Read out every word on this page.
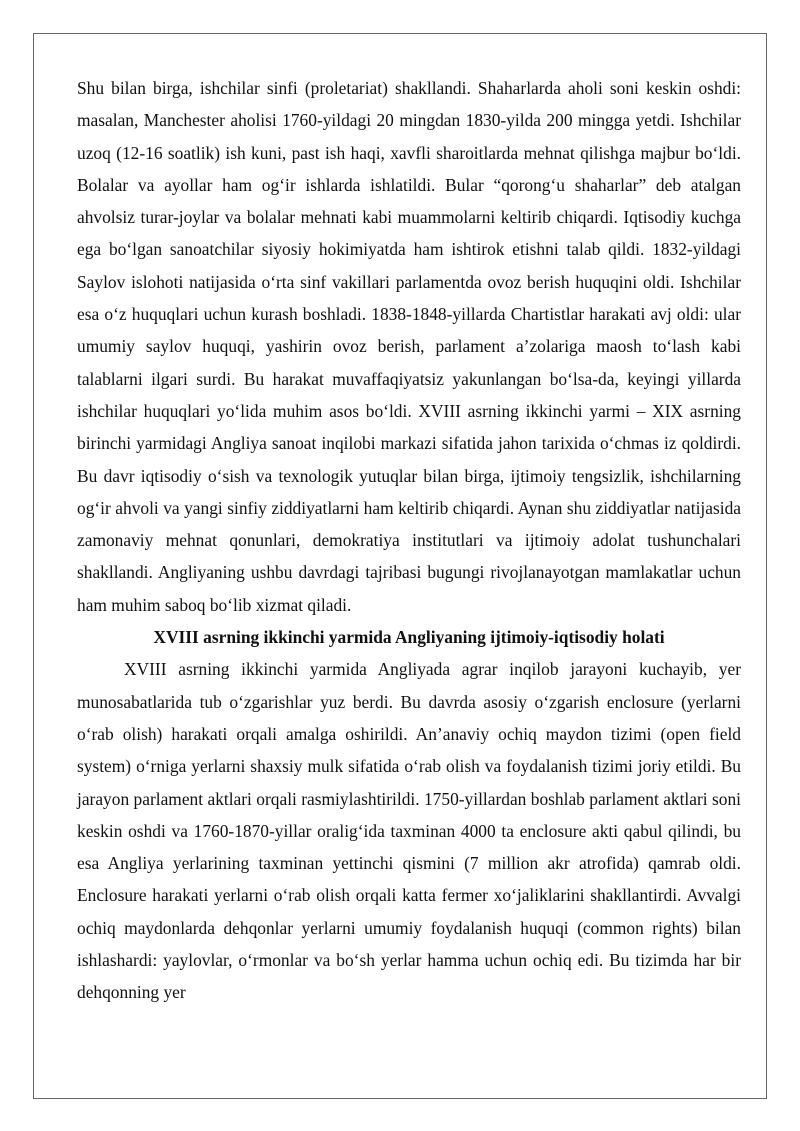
Shu bilan birga, ishchilar sinfi (proletariat) shakllandi. Shaharlarda aholi soni keskin oshdi: masalan, Manchester aholisi 1760-yildagi 20 mingdan 1830-yilda 200 mingga yetdi. Ishchilar uzoq (12-16 soatlik) ish kuni, past ish haqi, xavfli sharoitlarda mehnat qilishga majbur bo‘ldi. Bolalar va ayollar ham og‘ir ishlarda ishlatildi. Bular “qorong‘u shaharlar” deb atalgan ahvolsiz turar-joylar va bolalar mehnati kabi muammolarni keltirib chiqardi. Iqtisodiy kuchga ega bo‘lgan sanoatchilar siyosiy hokimiyatda ham ishtirok etishni talab qildi. 1832-yildagi Saylov islohoti natijasida o‘rta sinf vakillari parlamentda ovoz berish huquqini oldi. Ishchilar esa o‘z huquqlari uchun kurash boshladi. 1838-1848-yillarda Chartistlar harakati avj oldi: ular umumiy saylov huquqi, yashirin ovoz berish, parlament a’zolariga maosh to‘lash kabi talablarni ilgari surdi. Bu harakat muvaffaqiyatsiz yakunlangan bo‘lsa-da, keyingi yillarda ishchilar huquqlari yo‘lida muhim asos bo‘ldi. XVIII asrning ikkinchi yarmi – XIX asrning birinchi yarmidagi Angliya sanoat inqilobi markazi sifatida jahon tarixida o‘chmas iz qoldirdi. Bu davr iqtisodiy o‘sish va texnologik yutuqlar bilan birga, ijtimoiy tengsizlik, ishchilarning og‘ir ahvoli va yangi sinfiy ziddiyatlarni ham keltirib chiqardi. Aynan shu ziddiyatlar natijasida zamonaviy mehnat qonunlari, demokratiya institutlari va ijtimoiy adolat tushunchalari shakllandi. Angliyaning ushbu davrdagi tajribasi bugungi rivojlanayotgan mamlakatlar uchun ham muhim saboq bo‘lib xizmat qiladi.

XVIII asrning ikkinchi yarmida Angliyaning ijtimoiy-iqtisodiy holati

XVIII asrning ikkinchi yarmida Angliyada agrar inqilob jarayoni kuchayib, yer munosabatlarida tub o‘zgarishlar yuz berdi. Bu davrda asosiy o‘zgarish enclosure (yerlarni o‘rab olish) harakati orqali amalga oshirildi. An’anaviy ochiq maydon tizimi (open field system) o‘rniga yerlarni shaxsiy mulk sifatida o‘rab olish va foydalanish tizimi joriy etildi. Bu jarayon parlament aktlari orqali rasmiylashtirildi. 1750-yillardan boshlab parlament aktlari soni keskin oshdi va 1760-1870-yillar oralig‘ida taxminan 4000 ta enclosure akti qabul qilindi, bu esa Angliya yerlarining taxminan yettinchi qismini (7 million akr atrofida) qamrab oldi. Enclosure harakati yerlarni o‘rab olish orqali katta fermer xo‘jaliklarini shakllantirdi. Avvalgi ochiq maydonlarda dehqonlar yerlarni umumiy foydalanish huquqi (common rights) bilan ishlashardi: yaylovlar, o‘rmonlar va bo‘sh yerlar hamma uchun ochiq edi. Bu tizimda har bir dehqonning yer
